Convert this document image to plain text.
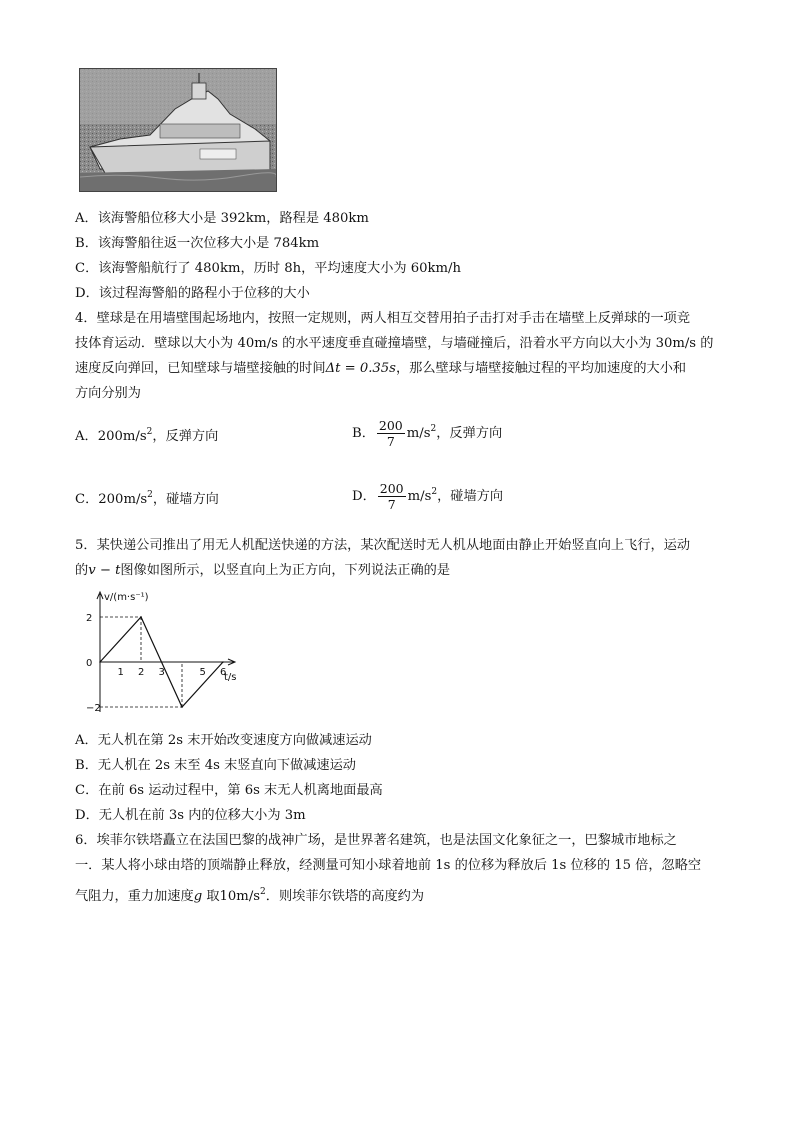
A．该海警船位移大小是 392km，路程是 480km
B．该海警船往返一次位移大小是 784km
C．该海警船航行了 480km，历时 8h，平均速度大小为 60km/h
D．该过程海警船的路程小于位移的大小
4．壁球是在用墙壁围起场地内，按照一定规则，两人相互交替用拍子击打对手击在墙壁上反弹球的一项竞
技体育运动．壁球以大小为 40m/s 的水平速度垂直碰撞墙壁，与墙碰撞后，沿着水平方向以大小为 30m/s 的
速度反向弹回，已知壁球与墙壁接触的时间Δt = 0.35s，那么壁球与墙壁接触过程的平均加速度的大小和
方向分别为
A．$200m/s^2$，反弹方向	B． $\frac{200}{7} m/s^2$，反弹方向
C．$200m/s^2$，碰墙方向	D． $\frac{200}{7} m/s^2$，碰墙方向
5．某快递公司推出了用无人机配送快递的方法，某次配送时无人机从地面由静止开始竖直向上飞行，运动
的v − t图像如图所示，以竖直向上为正方向，下列说法正确的是
v/(m·s⁻¹)
t/s
1 2 3	5 6
2
0
−2
A．无人机在第 2s 末开始改变速度方向做减速运动
B．无人机在 2s 末至 4s 末竖直向下做减速运动
C．在前 6s 运动过程中，第 6s 末无人机离地面最高
D．无人机在前 3s 内的位移大小为 3m
6．埃菲尔铁塔矗立在法国巴黎的战神广场，是世界著名建筑，也是法国文化象征之一，巴黎城市地标之
一．某人将小球由塔的顶端静止释放，经测量可知小球着地前 1s 的位移为释放后 1s 位移的 15 倍，忽略空
气阻力，重力加速度g 取$10m/s^2$．则埃菲尔铁塔的高度约为
